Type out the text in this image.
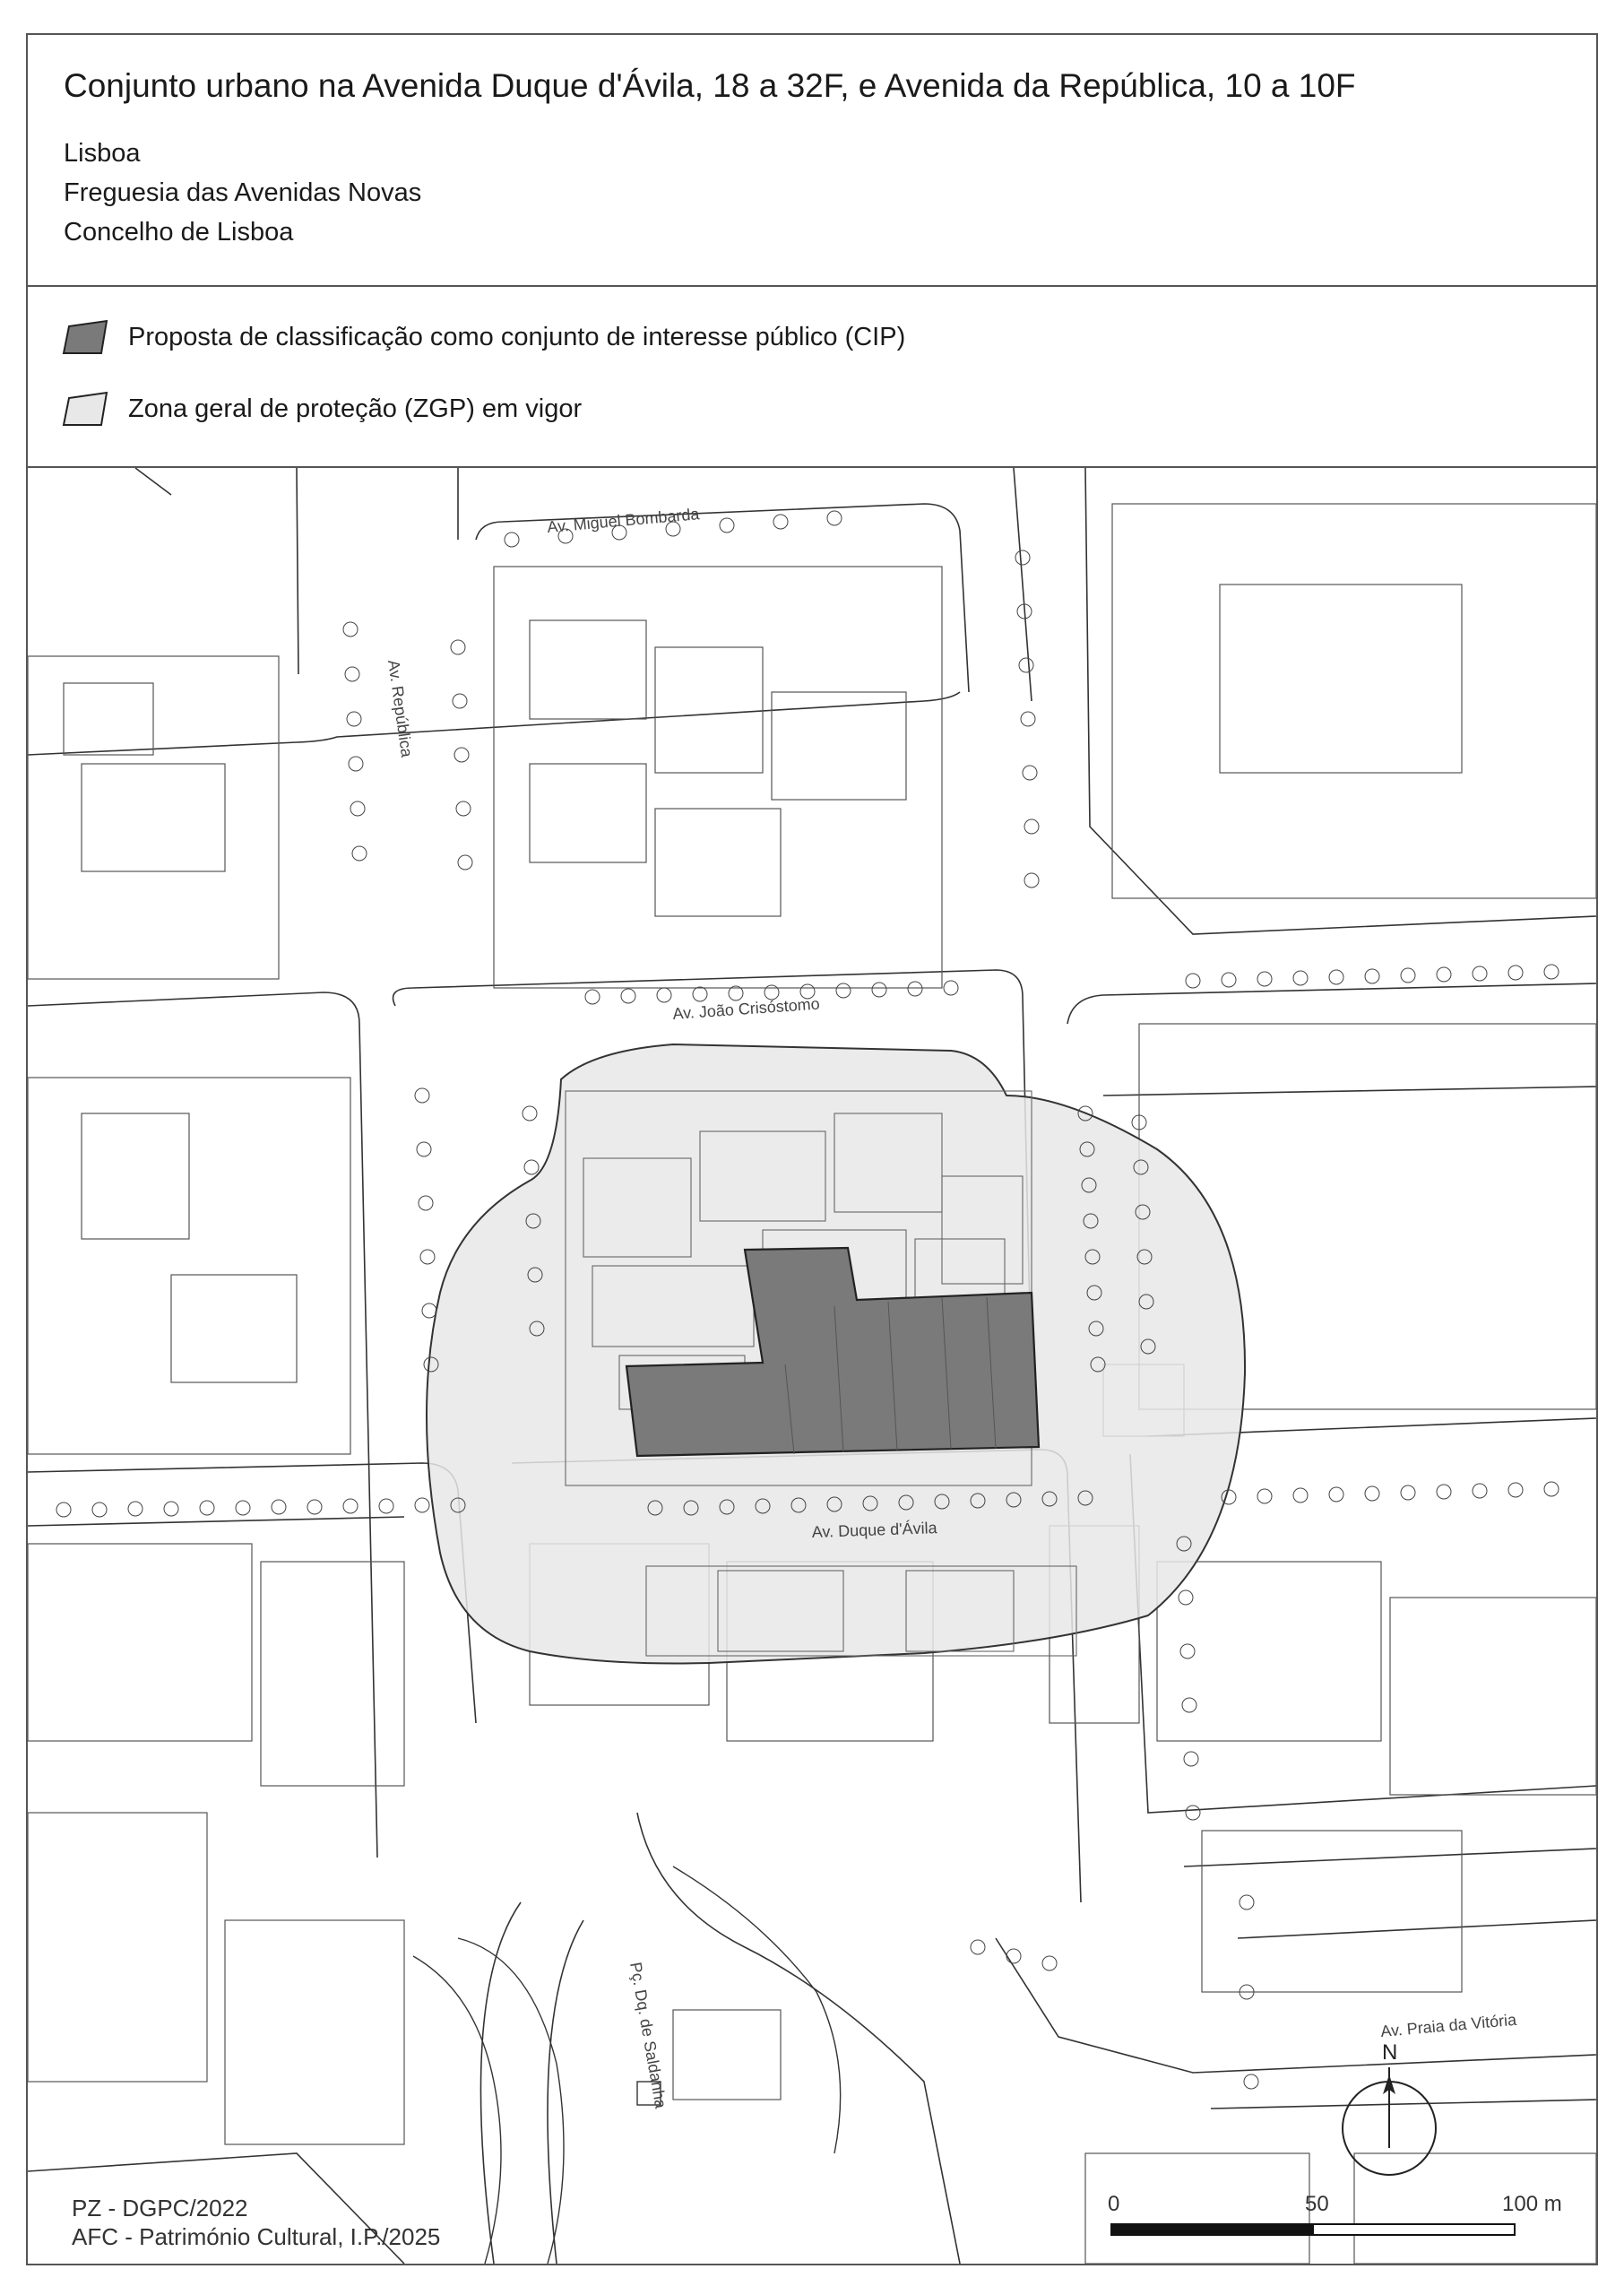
Conjunto urbano na Avenida Duque d'Ávila, 18 a 32F, e Avenida da República, 10 a 10F
Lisboa
Freguesia das Avenidas Novas
Concelho de Lisboa
Proposta de classificação como conjunto de interesse público (CIP)
Zona geral de proteção (ZGP) em vigor
Av. Miguel Bombarda
Av. República
Av. João Crisóstomo
Av. Duque d'Ávila
Pç. Dq. de Saldanha	Av. Praia da Vitória
N
0	50	100 m
PZ - DGPC/2022
AFC - Património Cultural, I.P./2025
